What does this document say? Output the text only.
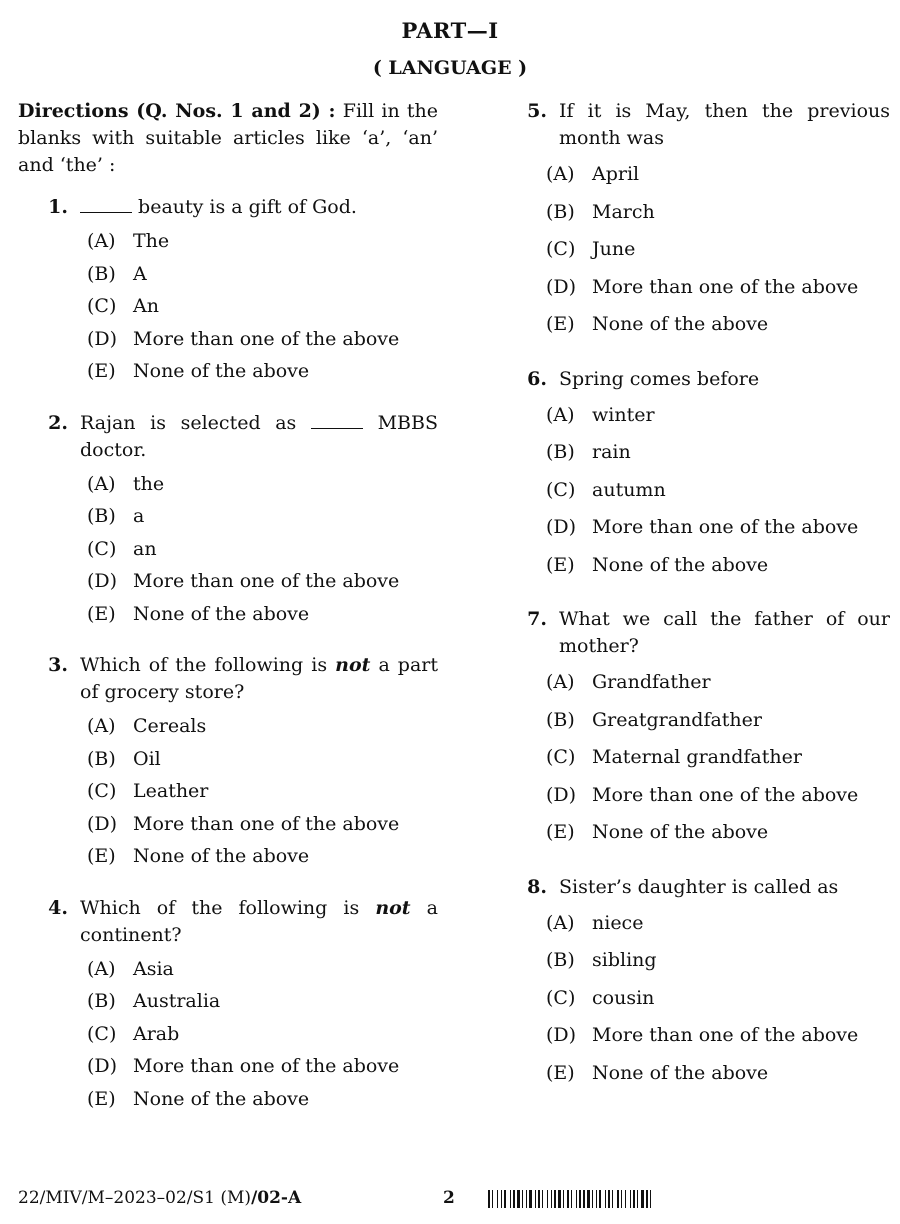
PART—I
( LANGUAGE )

Directions (Q. Nos. 1 and 2) : Fill in the blanks with suitable articles like ‘a’, ‘an’ and ‘the’ :

1.	beauty is a gift of God.
(A) The
(B) A
(C) An
(D) More than one of the above
(E) None of the above
2. Rajan is selected as	MBBS doctor.
(A) the
(B) a
(C) an
(D) More than one of the above
(E) None of the above
3. Which of the following is not a part of grocery store?
(A) Cereals
(B) Oil
(C) Leather
(D) More than one of the above
(E) None of the above
4. Which of the following is not a continent?
(A) Asia
(B) Australia
(C) Arab
(D) More than one of the above
(E) None of the above
5. If it is May, then the previous month was
(A) April
(B) March
(C) June
(D) More than one of the above
(E) None of the above
6. Spring comes before
(A) winter
(B) rain
(C) autumn
(D) More than one of the above
(E) None of the above
7. What we call the father of our mother?
(A) Grandfather
(B) Greatgrandfather
(C) Maternal grandfather
(D) More than one of the above
(E) None of the above
8. Sister’s daughter is called as
(A) niece
(B) sibling
(C) cousin
(D) More than one of the above
(E) None of the above
22/MIV/M–2023–02/S1 (M)/02-A	2
